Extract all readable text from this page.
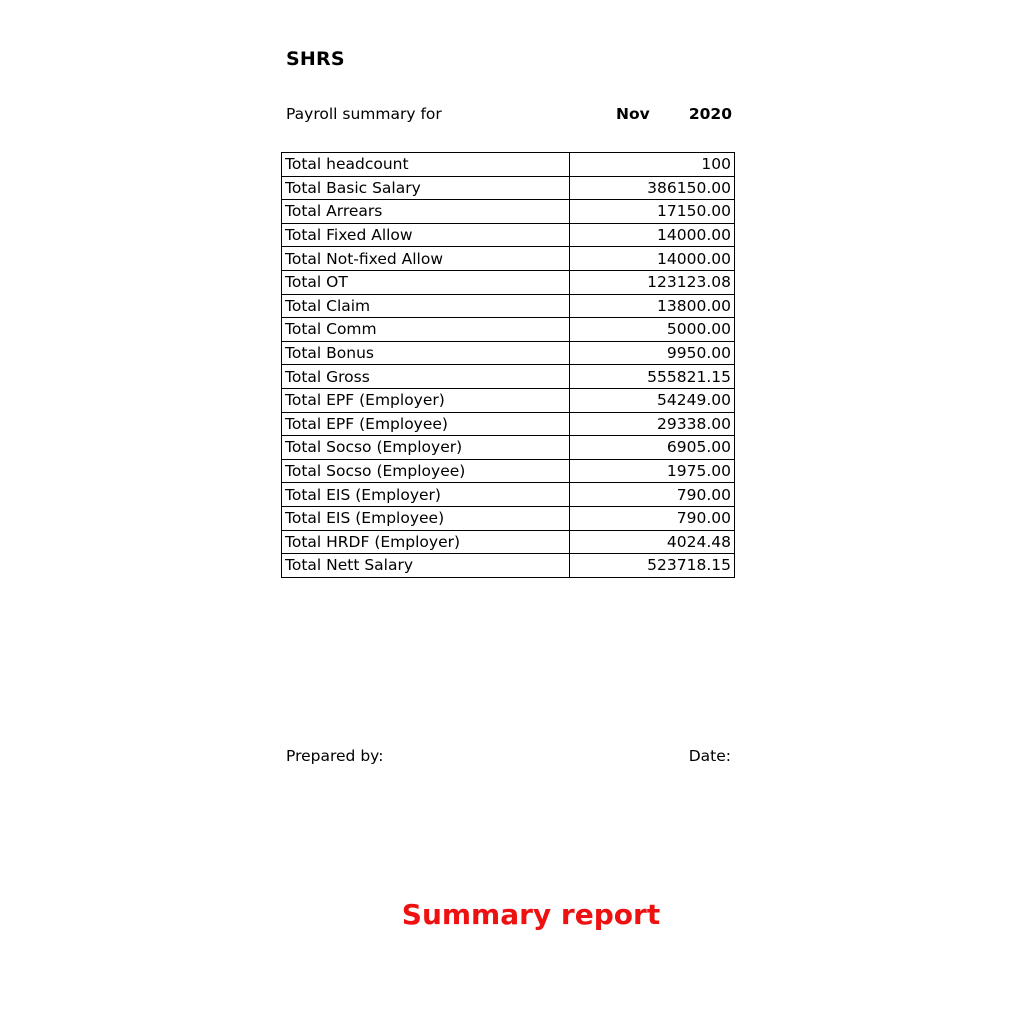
SHRS
Payroll summary for	Nov	2020
Total headcount	100
Total Basic Salary	386150.00
Total Arrears	17150.00
Total Fixed Allow	14000.00
Total Not-fixed Allow	14000.00
Total OT	123123.08
Total Claim	13800.00
Total Comm	5000.00
Total Bonus	9950.00
Total Gross	555821.15
Total EPF (Employer)	54249.00
Total EPF (Employee)	29338.00
Total Socso (Employer)	6905.00
Total Socso (Employee)	1975.00
Total EIS (Employer)	790.00
Total EIS (Employee)	790.00
Total HRDF (Employer)	4024.48
Total Nett Salary	523718.15
Prepared by:	Date:
Summary report
